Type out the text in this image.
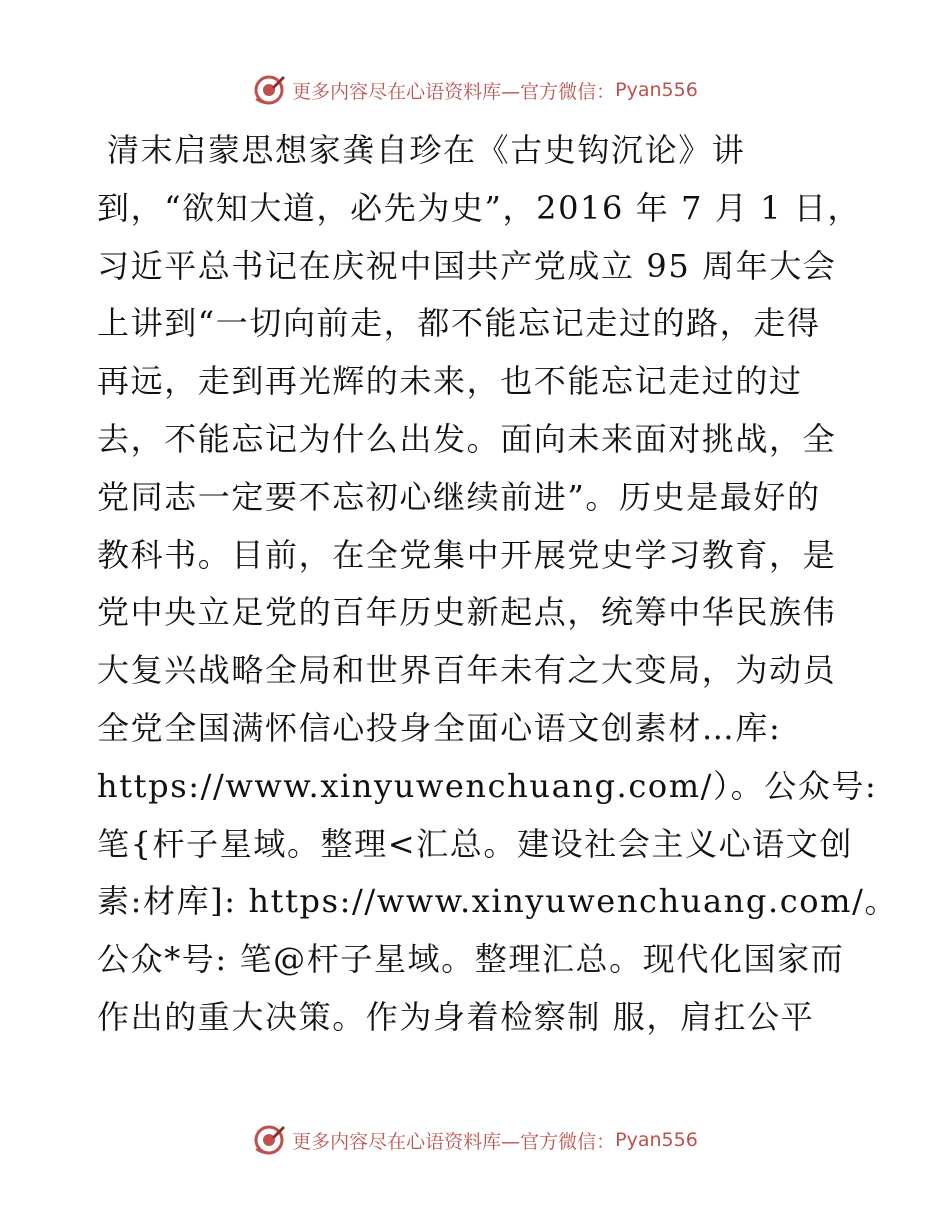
更多内容尽在心语资料库—官方微信： Pyan556
清末启蒙思想家龚自珍在《古史钩沉论》讲
到，“欲知大道，必先为史”，2016 年 7 月 1 日，
习近平总书记在庆祝中国共产党成立 95 周年大会
上讲到“一切向前走，都不能忘记走过的路，走得
再远，走到再光辉的未来，也不能忘记走过的过
去，不能忘记为什么出发。面向未来面对挑战，全
党同志一定要不忘初心继续前进”。历史是最好的
教科书。目前，在全党集中开展党史学习教育，是
党中央立足党的百年历史新起点，统筹中华民族伟
大复兴战略全局和世界百年未有之大变局，为动员
全党全国满怀信心投身全面心语文创素材…库:
https://www.xinyuwenchuang.com/）。公众号:
笔{杆子星域。整理<汇总。建设社会主义心语文创
素:材库]: https://www.xinyuwenchuang.com/。
公众*号: 笔@杆子星域。整理汇总。现代化国家而
作出的重大决策。作为身着检察制 服，肩扛公平
更多内容尽在心语资料库—官方微信： Pyan556
